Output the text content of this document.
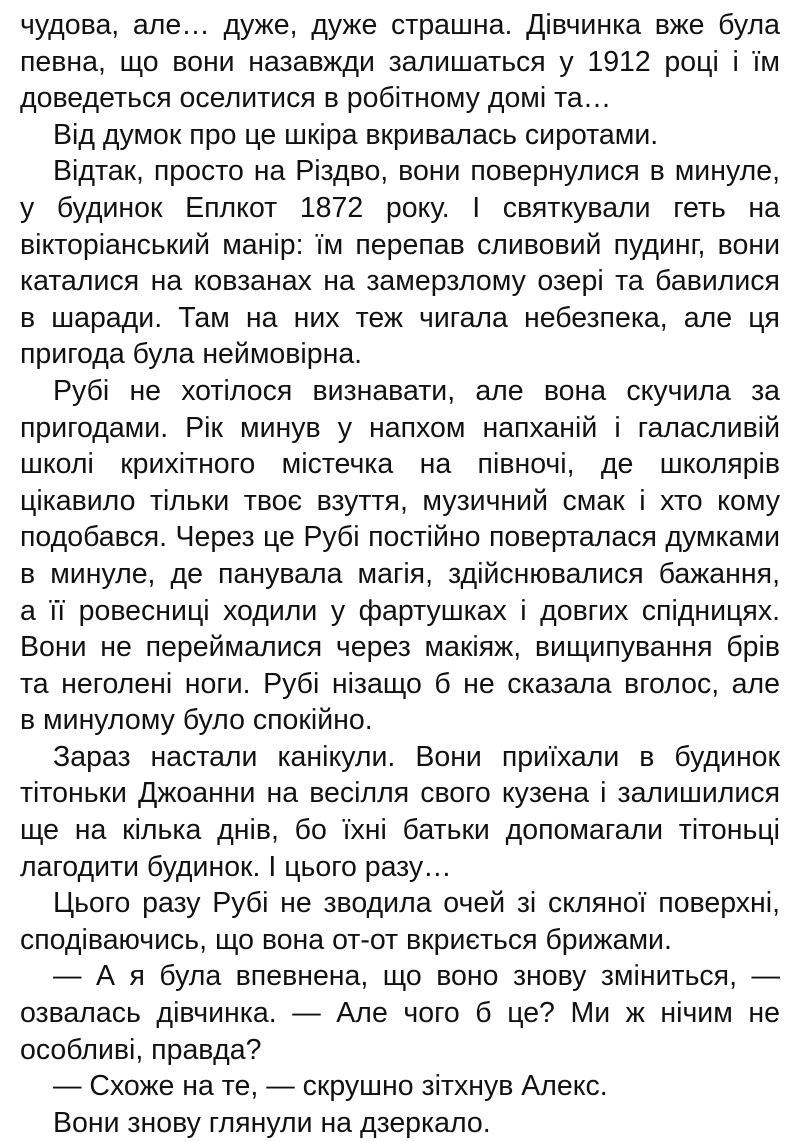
чудова, але… дуже, дуже страшна. Дівчинка вже була
певна, що вони назавжди залишаться у 1912 році і їм
доведеться оселитися в робітному домі та…
Від думок про це шкіра вкривалась сиротами.
Відтак, просто на Різдво, вони повернулися в минуле,
у будинок Еплкот 1872 року. І святкували геть на
вікторіанський манір: їм перепав сливовий пудинг, вони
каталися на ковзанах на замерзлому озері та бавилися
в шаради. Там на них теж чигала небезпека, але ця
пригода була неймовірна.
Рубі не хотілося визнавати, але вона скучила за
пригодами. Рік минув у напхом напханій і галасливій
школі крихітного містечка на півночі, де школярів
цікавило тільки твоє взуття, музичний смак і хто кому
подобався. Через це Рубі постійно поверталася думками
в минуле, де панувала магія, здійснювалися бажання,
а її ровесниці ходили у фартушках і довгих спідницях.
Вони не переймалися через макіяж, вищипування брів
та неголені ноги. Рубі нізащо б не сказала вголос, але
в минулому було спокійно.
Зараз настали канікули. Вони приїхали в будинок
тітоньки Джоанни на весілля свого кузена і залишилися
ще на кілька днів, бо їхні батьки допомагали тітоньці
лагодити будинок. І цього разу…
Цього разу Рубі не зводила очей зі скляної поверхні,
сподіваючись, що вона от-от вкриється брижами.
— А я була впевнена, що воно знову зміниться, —
озвалась дівчинка. — Але чого б це? Ми ж нічим не
особливі, правда?
— Схоже на те, — скрушно зітхнув Алекс.
Вони знову глянули на дзеркало.
